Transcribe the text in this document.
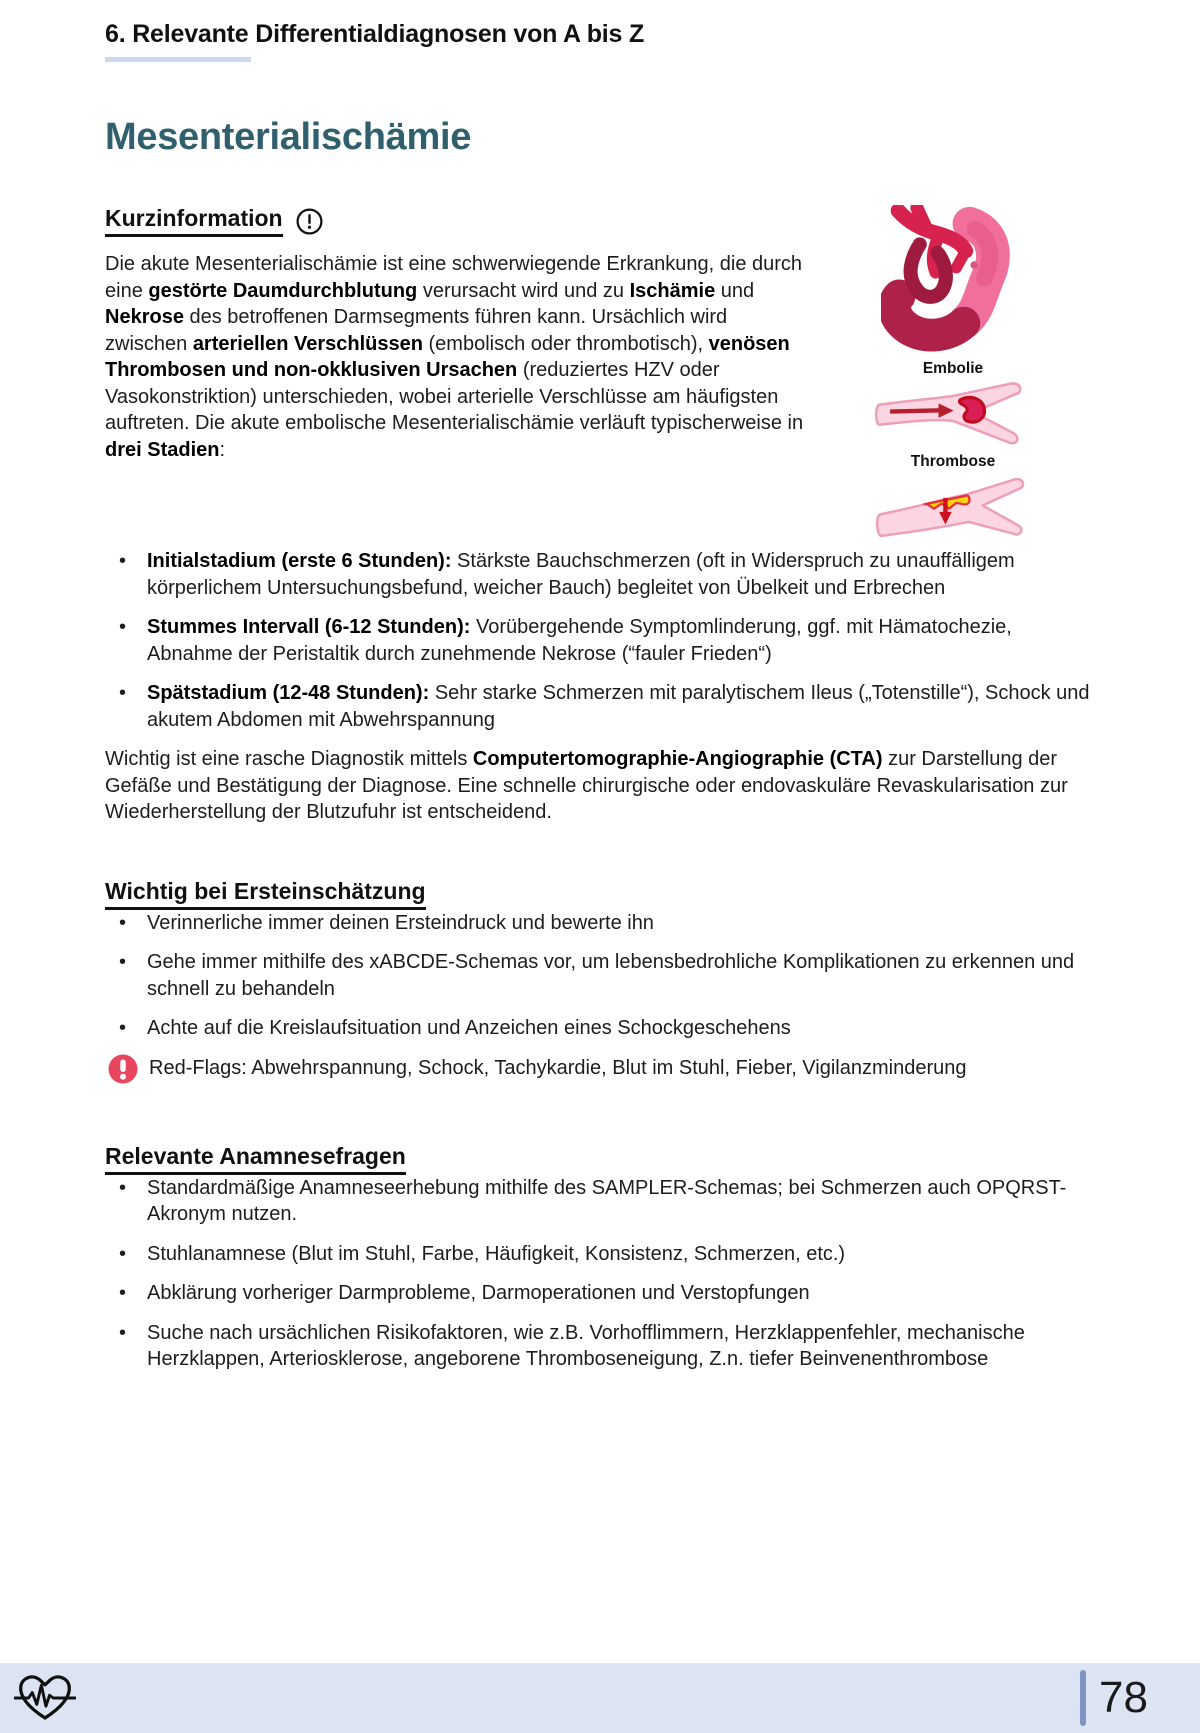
6. Relevante Differentialdiagnosen von A bis Z
Mesenterialischämie
Kurzinformation
Die akute Mesenterialischämie ist eine schwerwiegende Erkrankung, die durch eine gestörte Daumdurchblutung verursacht wird und zu Ischämie und Nekrose des betroffenen Darmsegments führen kann. Ursächlich wird zwischen arteriellen Verschlüssen (embolisch oder thrombotisch), venösen Thrombosen und non-okklusiven Ursachen (reduziertes HZV oder Vasokonstriktion) unterschieden, wobei arterielle Verschlüsse am häufigsten auftreten. Die akute embolische Mesenterialischämie verläuft typischerweise in drei Stadien:
Embolie
Thrombose
• Initialstadium (erste 6 Stunden): Stärkste Bauchschmerzen (oft in Widerspruch zu unauffälligem körperlichem Untersuchungsbefund, weicher Bauch) begleitet von Übelkeit und Erbrechen
• Stummes Intervall (6-12 Stunden): Vorübergehende Symptomlinderung, ggf. mit Hämatochezie, Abnahme der Peristaltik durch zunehmende Nekrose (“fauler Frieden“)
• Spätstadium (12-48 Stunden): Sehr starke Schmerzen mit paralytischem Ileus („Totenstille“), Schock und akutem Abdomen mit Abwehrspannung
Wichtig ist eine rasche Diagnostik mittels Computertomographie-Angiographie (CTA) zur Darstellung der Gefäße und Bestätigung der Diagnose. Eine schnelle chirurgische oder endovaskuläre Revaskularisation zur Wiederherstellung der Blutzufuhr ist entscheidend.
Wichtig bei Ersteinschätzung
• Verinnerliche immer deinen Ersteindruck und bewerte ihn
• Gehe immer mithilfe des xABCDE-Schemas vor, um lebensbedrohliche Komplikationen zu erkennen und schnell zu behandeln
• Achte auf die Kreislaufsituation und Anzeichen eines Schockgeschehens
Red-Flags: Abwehrspannung, Schock, Tachykardie, Blut im Stuhl, Fieber, Vigilanzminderung
Relevante Anamnesefragen
• Standardmäßige Anamneseerhebung mithilfe des SAMPLER-Schemas; bei Schmerzen auch OPQRST-Akronym nutzen.
• Stuhlanamnese (Blut im Stuhl, Farbe, Häufigkeit, Konsistenz, Schmerzen, etc.)
• Abklärung vorheriger Darmprobleme, Darmoperationen und Verstopfungen
• Suche nach ursächlichen Risikofaktoren, wie z.B. Vorhofflimmern, Herzklappenfehler, mechanische Herzklappen, Arteriosklerose, angeborene Thromboseneigung, Z.n. tiefer Beinvenenthrombose
78
